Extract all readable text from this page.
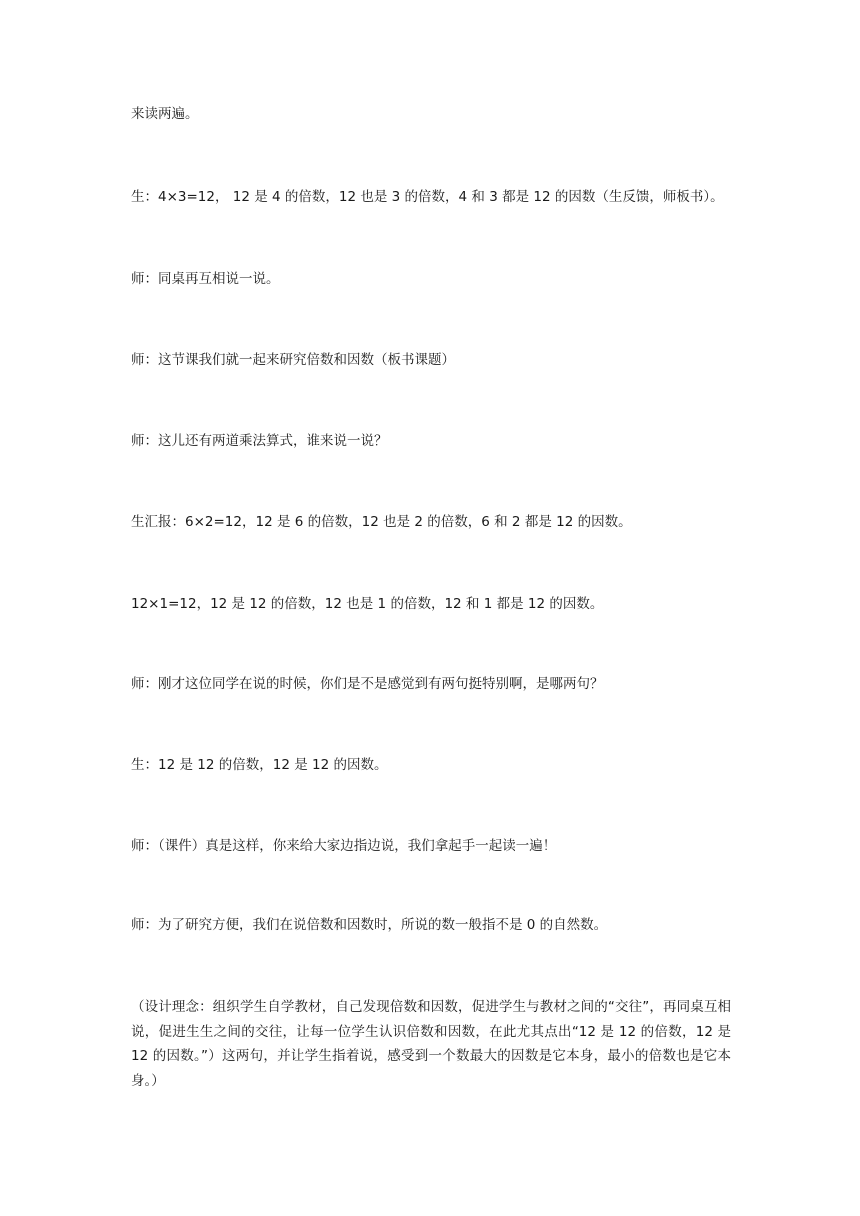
来读两遍。
生：4×3=12， 12 是 4 的倍数，12 也是 3 的倍数，4 和 3 都是 12 的因数（生反馈，师板书）。
师：同桌再互相说一说。
师：这节课我们就一起来研究倍数和因数（板书课题）
师：这儿还有两道乘法算式，谁来说一说？
生汇报：6×2=12，12 是 6 的倍数，12 也是 2 的倍数，6 和 2 都是 12 的因数。
12×1=12，12 是 12 的倍数，12 也是 1 的倍数，12 和 1 都是 12 的因数。
师：刚才这位同学在说的时候，你们是不是感觉到有两句挺特别啊，是哪两句？
生：12 是 12 的倍数，12 是 12 的因数。
师：（课件）真是这样，你来给大家边指边说，我们拿起手一起读一遍！
师：为了研究方便，我们在说倍数和因数时，所说的数一般指不是 0 的自然数。
（设计理念：组织学生自学教材，自己发现倍数和因数，促进学生与教材之间的“交往”，再同桌互相说，促进生生之间的交往，让每一位学生认识倍数和因数，在此尤其点出“12 是 12 的倍数，12 是 12 的因数。”）这两句，并让学生指着说，感受到一个数最大的因数是它本身，最小的倍数也是它本身。）
